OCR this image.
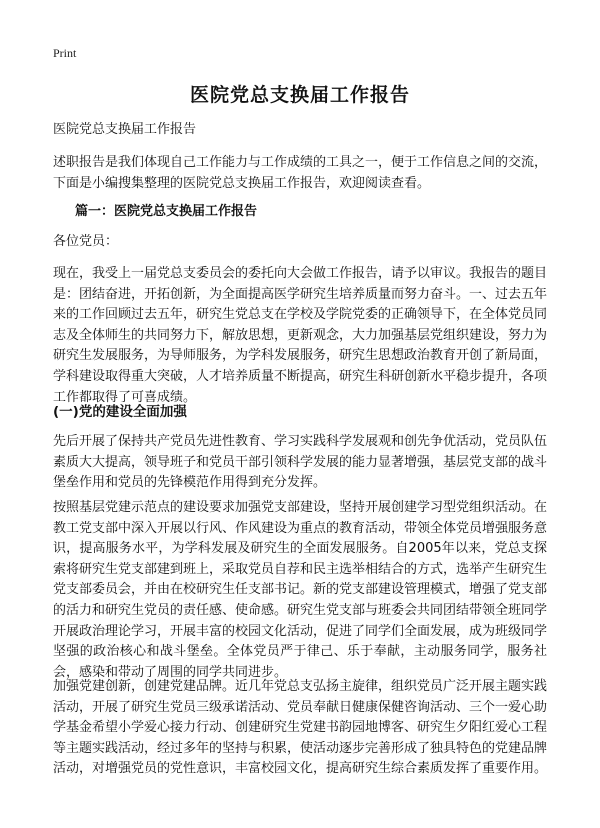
Print
医院党总支换届工作报告
医院党总支换届工作报告
述职报告是我们体现自己工作能力与工作成绩的工具之一，便于工作信息之间的交流，下面是小编搜集整理的医院党总支换届工作报告，欢迎阅读查看。
篇一：医院党总支换届工作报告
各位党员：
现在，我受上一届党总支委员会的委托向大会做工作报告，请予以审议。我报告的题目是：团结奋进，开拓创新，为全面提高医学研究生培养质量而努力奋斗。一、过去五年来的工作回顾过去五年，研究生党总支在学校及学院党委的正确领导下，在全体党员同志及全体师生的共同努力下，解放思想，更新观念，大力加强基层党组织建设，努力为研究生发展服务，为导师服务，为学科发展服务，研究生思想政治教育开创了新局面，学科建设取得重大突破，人才培养质量不断提高，研究生科研创新水平稳步提升，各项工作都取得了可喜成绩。
(一)党的建设全面加强
先后开展了保持共产党员先进性教育、学习实践科学发展观和创先争优活动，党员队伍素质大大提高，领导班子和党员干部引领科学发展的能力显著增强，基层党支部的战斗堡垒作用和党员的先锋模范作用得到充分发挥。
按照基层党建示范点的建设要求加强党支部建设，坚持开展创建学习型党组织活动。在教工党支部中深入开展以行风、作风建设为重点的教育活动，带领全体党员增强服务意识，提高服务水平，为学科发展及研究生的全面发展服务。自2005年以来，党总支探索将研究生党支部建到班上，采取党员自荐和民主选举相结合的方式，选举产生研究生党支部委员会，并由在校研究生任支部书记。新的党支部建设管理模式，增强了党支部的活力和研究生党员的责任感、使命感。研究生党支部与班委会共同团结带领全班同学开展政治理论学习，开展丰富的校园文化活动，促进了同学们全面发展，成为班级同学坚强的政治核心和战斗堡垒。全体党员严于律己、乐于奉献，主动服务同学，服务社会，感染和带动了周围的同学共同进步。
加强党建创新，创建党建品牌。近几年党总支弘扬主旋律，组织党员广泛开展主题实践活动，开展了研究生党员三级承诺活动、党员奉献日健康保健咨询活动、三个一爱心助学基金希望小学爱心接力行动、创建研究生党建书韵园地博客、研究生夕阳红爱心工程等主题实践活动，经过多年的坚持与积累，使活动逐步完善形成了独具特色的党建品牌活动，对增强党员的党性意识，丰富校园文化，提高研究生综合素质发挥了重要作用。
